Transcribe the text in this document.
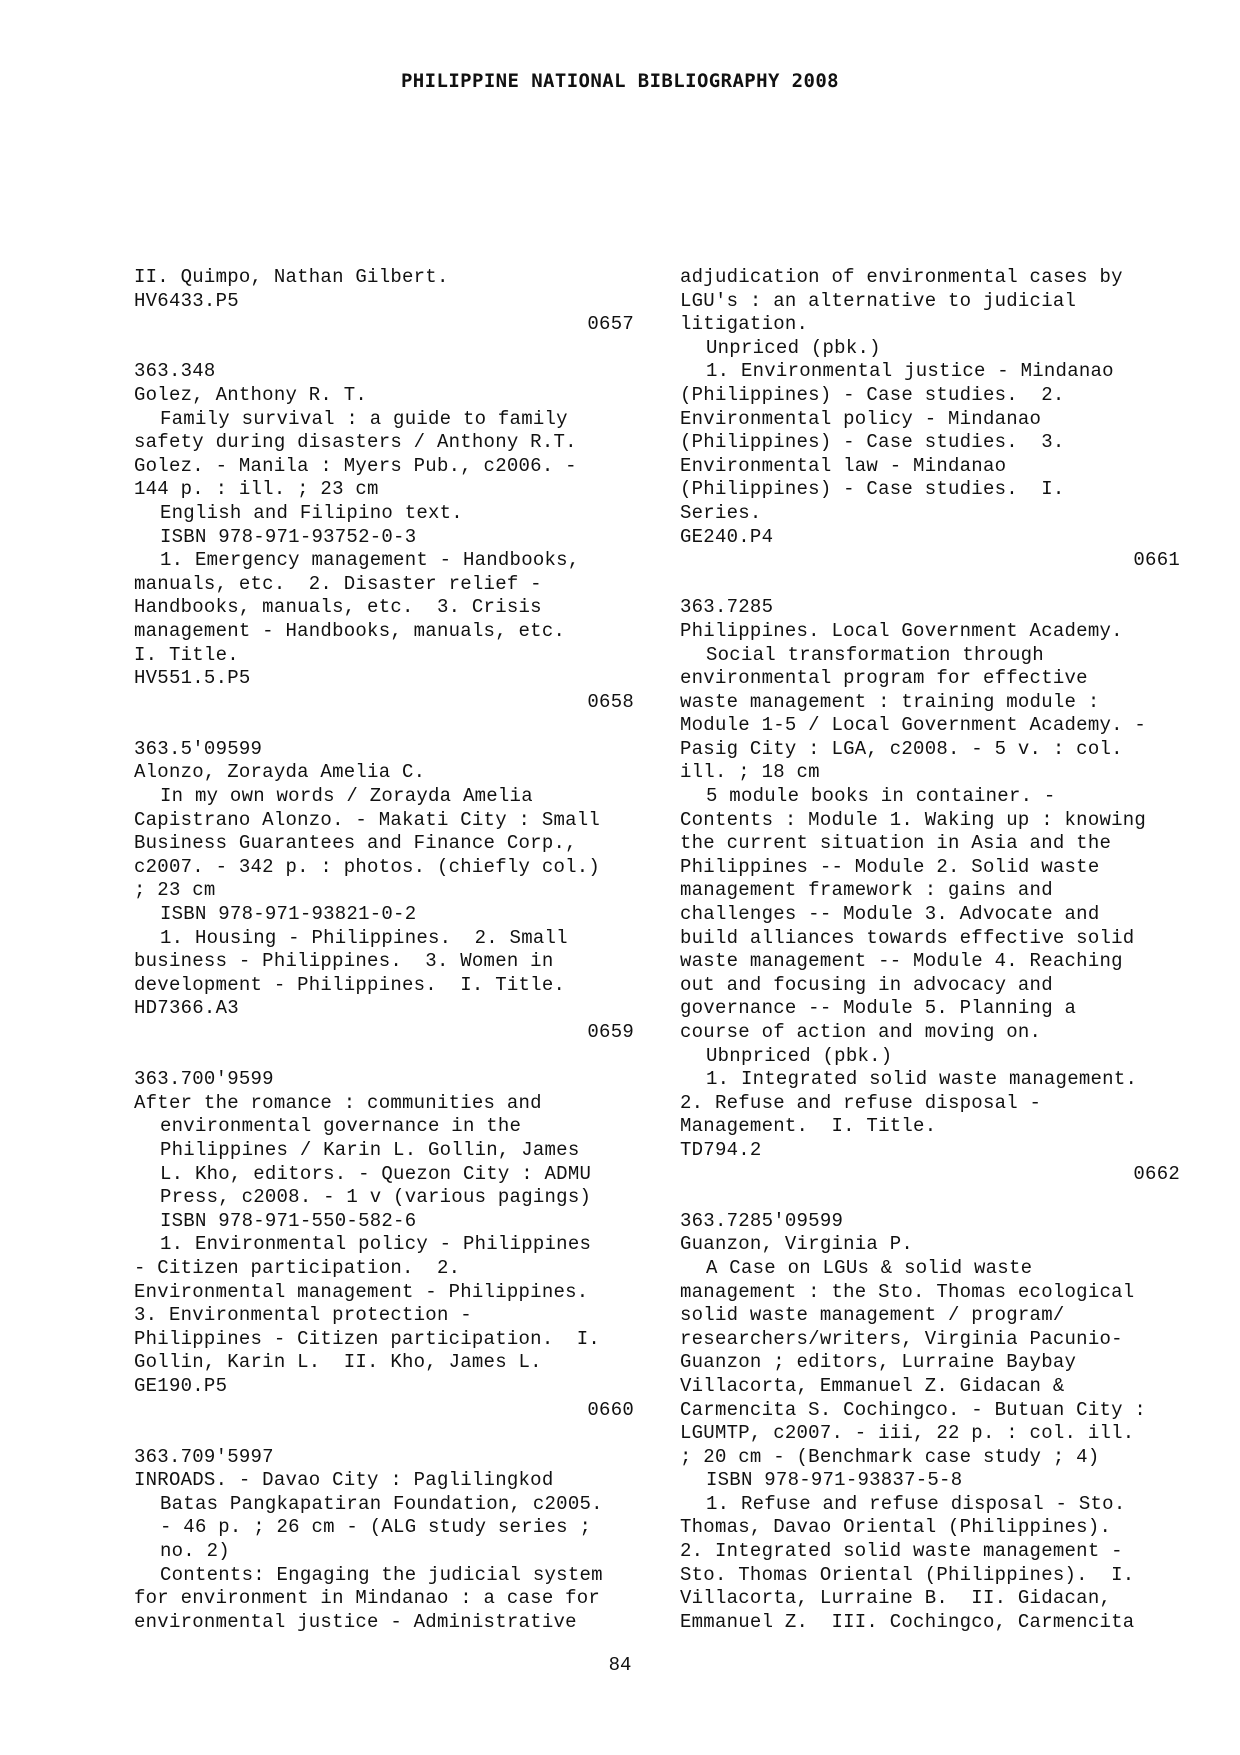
PHILIPPINE NATIONAL BIBLIOGRAPHY 2008
II. Quimpo, Nathan Gilbert.
HV6433.P5
0657
363.348
Golez, Anthony R. T.
Family survival : a guide to family
safety during disasters / Anthony R.T.
Golez. - Manila : Myers Pub., c2006. -
144 p. : ill. ; 23 cm
English and Filipino text.
ISBN 978-971-93752-0-3
1. Emergency management - Handbooks,
manuals, etc.  2. Disaster relief -
Handbooks, manuals, etc.  3. Crisis
management - Handbooks, manuals, etc.
I. Title.
HV551.5.P5
0658
363.5'09599
Alonzo, Zorayda Amelia C.
In my own words / Zorayda Amelia
Capistrano Alonzo. - Makati City : Small
Business Guarantees and Finance Corp.,
c2007. - 342 p. : photos. (chiefly col.)
; 23 cm
ISBN 978-971-93821-0-2
1. Housing - Philippines.  2. Small
business - Philippines.  3. Women in
development - Philippines.  I. Title.
HD7366.A3
0659
363.700'9599
After the romance : communities and
environmental governance in the
Philippines / Karin L. Gollin, James
L. Kho, editors. - Quezon City : ADMU
Press, c2008. - 1 v (various pagings)
ISBN 978-971-550-582-6
1. Environmental policy - Philippines
- Citizen participation.  2.
Environmental management - Philippines.
3. Environmental protection -
Philippines - Citizen participation.  I.
Gollin, Karin L.  II. Kho, James L.
GE190.P5
0660
363.709'5997
INROADS. - Davao City : Paglilingkod
Batas Pangkapatiran Foundation, c2005.
- 46 p. ; 26 cm - (ALG study series ;
no. 2)
Contents: Engaging the judicial system
for environment in Mindanao : a case for
environmental justice - Administrative
adjudication of environmental cases by
LGU's : an alternative to judicial
litigation.
Unpriced (pbk.)
1. Environmental justice - Mindanao
(Philippines) - Case studies.  2.
Environmental policy - Mindanao
(Philippines) - Case studies.  3.
Environmental law - Mindanao
(Philippines) - Case studies.  I.
Series.
GE240.P4
0661
363.7285
Philippines. Local Government Academy.
Social transformation through
environmental program for effective
waste management : training module :
Module 1-5 / Local Government Academy. -
Pasig City : LGA, c2008. - 5 v. : col.
ill. ; 18 cm
5 module books in container. -
Contents : Module 1. Waking up : knowing
the current situation in Asia and the
Philippines -- Module 2. Solid waste
management framework : gains and
challenges -- Module 3. Advocate and
build alliances towards effective solid
waste management -- Module 4. Reaching
out and focusing in advocacy and
governance -- Module 5. Planning a
course of action and moving on.
Ubnpriced (pbk.)
1. Integrated solid waste management.
2. Refuse and refuse disposal -
Management.  I. Title.
TD794.2
0662
363.7285'09599
Guanzon, Virginia P.
A Case on LGUs & solid waste
management : the Sto. Thomas ecological
solid waste management / program/
researchers/writers, Virginia Pacunio-
Guanzon ; editors, Lurraine Baybay
Villacorta, Emmanuel Z. Gidacan &
Carmencita S. Cochingco. - Butuan City :
LGUMTP, c2007. - iii, 22 p. : col. ill.
; 20 cm - (Benchmark case study ; 4)
ISBN 978-971-93837-5-8
1. Refuse and refuse disposal - Sto.
Thomas, Davao Oriental (Philippines).
2. Integrated solid waste management -
Sto. Thomas Oriental (Philippines).  I.
Villacorta, Lurraine B.  II. Gidacan,
Emmanuel Z.  III. Cochingco, Carmencita
84
